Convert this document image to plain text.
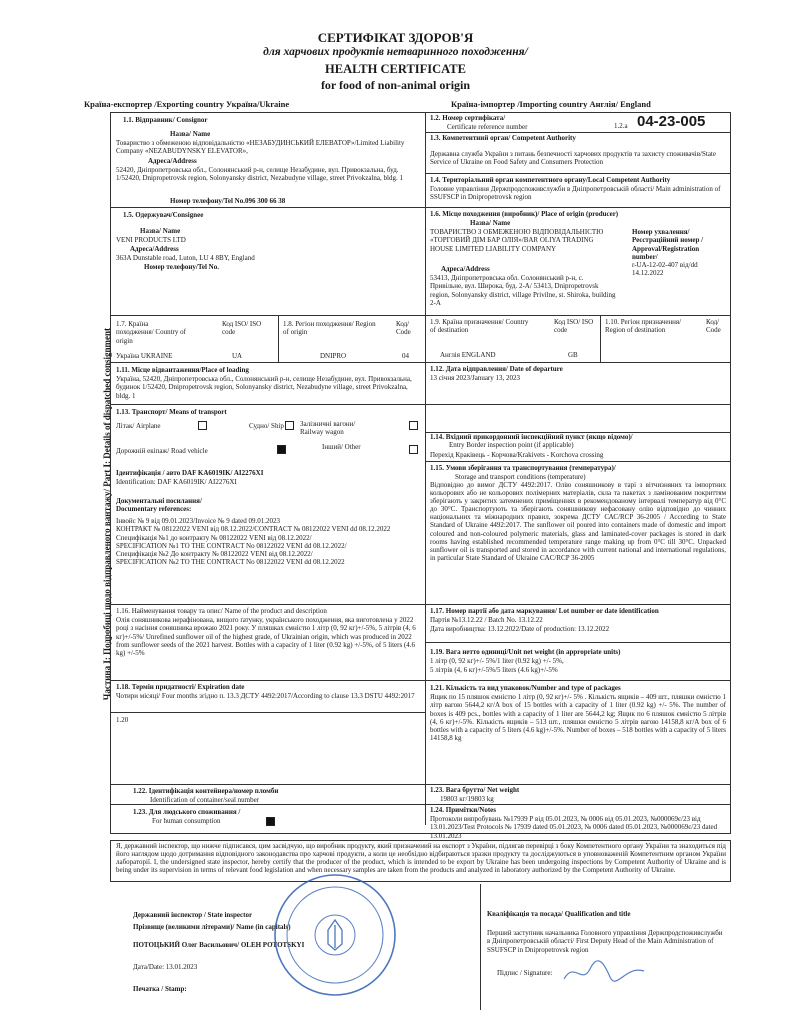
СЕРТИФІКАТ ЗДОРОВ'Я
для харчових продуктів нетваринного походження/
HEALTH CERTIFICATE
for food of non-animal origin
Країна-експортер /Exporting country Україна/Ukraine	Країна-імпортер /Importing country Англія/ England
Частина I: Подробиці щодо відправленого вантажу/ Part I: Details of dispatched consignment
1.1. Відправник/ Consignor
Назва/ Name
Товариство з обмеженою відповідальністю «НЕЗАБУДИНСЬКИЙ ЕЛЕВАТОР»/Limited Liability Company «NEZABUDYNSKY ELEVATOR»,
Адреса/Address
52420, Дніпропетровська обл., Солонянський р-н, селище Незабудине, вул. Привокзальна, буд. 1/52420, Dnipropetrovsk region, Solonyansky district, Nezabudyne village, street Privokzalna, bldg. 1
Номер телефону/Tel No.096 300 66 38
1.2. Номер сертифіката/
Certificate reference number	1.2.а 04-23-005
1.3. Компетентний орган/ Competent Authority
Державна служба України з питань безпечності харчових продуктів та захисту споживачів/State Service of Ukraine on Food Safety and Consumers Protection
1.4. Територіальний орган компетентного органу/Local Competent Authority
Головне управління Держпродспоживслужби в Дніпропетровській області/ Main administration of SSUFSCP in Dnipropetrovsk region
1.5. Одержувач/Consignee
Назва/ Name
VENI PRODUCTS LTD
Адреса/Address
363A Dunstable road, Luton, LU 4 8BY, England
Номер телефону/Tel No.
1.6. Місце походження (виробник)/ Place of origin (producer)
Назва/ Name
ТОВАРИСТВО З ОБМЕЖЕНОЮ ВІДПОВІДАЛЬНІСТЮ «ТОРГОВИЙ ДІМ БАР ОЛІЯ»/BAR OLIYA TRADING HOUSE LIMITED LIABILITY COMPANY
Адреса/Address
53413, Дніпропетровська обл. Солонянський р-н, с. Привільне, вул. Широка, буд. 2-А/ 53413, Dnipropetrovsk region, Solonyansky district, village Privilne, st. Shiroka, building 2-A
Номер ухвалення/ Реєстраційний номер / Approval/Registration number/
r-UA-12-02-407 від/dd 14.12.2022
1.7. Країна походження/ Country of origin
Код ISO/ ISO code
Україна UKRAINE	UA
1.8. Регіон походження/ Region of origin
Код/ Code
DNIPRO	04
1.9. Країна призначення/ Country of destination
Код ISO/ ISO code
Англія ENGLAND	GB
1.10. Регіон призначення/ Region of destination
Код/ Code
1.11. Місце відвантаження/Place of loading
Україна, 52420, Дніпропетровська обл., Солонянський р-н, селище Незабудине, вул. Привокзальна, будинок 1/52420, Dnipropetrovsk region, Solonyansky district, Nezabudyne village, street Privokzalna, bldg. 1
1.12. Дата відправлення/ Date of departure
13 січня 2023/January 13, 2023
1.13. Транспорт/ Means of transport
Літак/ Airplane	Судно/ Ship	Залізничні вагони/ Railway wagon
Дорожній екіпаж/ Road vehicle	Інший/ Other
Ідентифікація / авто DAF KA6019IK/ AI2276XI
Identification: DAF KA6019IK/ AI2276XI
Документальні посилання/ Documentary references:
Інвойс № 9 від 09.01.2023/Invoice № 9 dated 09.01.2023
КОНТРАКТ № 08122022 VENI від 08.12.2022/CONTRACT № 08122022 VENI dd 08.12.2022
Специфікація №1 до контракту № 08122022 VENI від 08.12.2022/
SPECIFICATION №1 TO THE CONTRACT No 08122022 VENI dd 08.12.2022/
Специфікація №2 До контракту № 08122022 VENI від 08.12.2022/
SPECIFICATION №2 TO THE CONTRACT No 08122022 VENI dd 08.12.2022
1.14. Вхідний прикордонний інспекційний пункт (якщо відомо)/
Entry Border inspection point (if applicable)
Перехід Краківець - Корчова/Krakivets - Korchova crossing
1.15. Умови зберігання та транспортування (температура)/
Storage and transport conditions (temperature)
Відповідно до вимог ДСТУ 4492:2017. Олію соняшникову в тарі з вітчизняних та імпортних кольорових або не кольорових полімерних матеріалів, скла та пакетах з ламінованим покриттям зберігають у закритих затемнених приміщеннях в рекомендованому інтервалі температур від 0°С до 30°С. Транспортують та зберігають соняшникову нефасовану олію відповідно до чинних національних та міжнародних правил, зокрема ДСТУ САС/RCP 36-2005 / According to State Standard of Ukraine 4492:2017. The sunflower oil poured into containers made of domestic and import coloured and non-coloured polymeric materials, glass and laminated-cover packages is stored in dark rooms having established recommended temperature range making up from 0°C till 30°C. Unpacked sunflower oil is transported and stored in accordance with current national and international regulations, in particular State Standard of Ukraine CAC/RCP 36-2005
1.16. Найменування товару та опис/ Name of the product and description
Олія соняшникова нерафінована, вищого ґатунку, українського походження, яка виготовлена у 2022 році з насіння соняшника врожаю 2021 року. У пляшках ємністю 1 літр (0, 92 кг)+/-5%, 5 літрів (4, 6 кг)+/-5%/ Unrefined sunflower oil of the highest grade, of Ukrainian origin, which was produced in 2022 from sunflower seeds of the 2021 harvest. Bottles with a capacity of 1 liter (0.92 kg) +/-5%, of 5 liters (4.6 kg) +/-5%
1.17. Номер партії або дата маркування/ Lot number or date identification
Партія №13.12.22 / Batch No. 13.12.22
Дата виробництва: 13.12.2022/Date of production: 13.12.2022
1.18. Термін придатності/ Expiration date
Чотири місяці/ Four months згідно п. 13.3 ДСТУ 4492:2017/According to clause 13.3 DSTU 4492:2017
1.19. Вага нетто одиниці/Unit net weight (in appropriate units)
1 літр (0, 92 кг)+/- 5%/1 liter (0.92 kg) +/- 5%,
5 літрів (4, 6 кг)+/-5%/5 liters (4.6 kg)+/-5%
1.20
1.21. Кількість та вид упаковок/Number and type of packages
Ящик по 15 пляшок ємністю 1 літр (0, 92 кг)+/- 5% . Кількість ящиків – 409 шт., пляшки ємністю 1 літр вагою 5644,2 кг/A box of 15 bottles with a capacity of 1 liter (0.92 kg) +/- 5%. The number of boxes is 409 pcs., bottles with a capacity of 1 liter are 5644,2 kg; Ящик по 6 пляшок ємністю 5 літрів (4, 6 кг)+/-5%. Кількість ящиків – 513 шт., пляшки ємністю 5 літрів вагою 14158,8 кг/A box of 6 bottles with a capacity of 5 liters (4.6 kg)+/-5%. Number of boxes – 518 bottles with a capacity of 5 liters 14158,8 kg
1.22. Ідентифікація контейнера/номер пломби
Identification of container/seal number
1.23. Для людського споживання /
For human consumption
1.23. Вага брутто/ Net weight
19803 кг/19803 kg
1.24. Примітки/Notes
Протоколи випробувань №17939 Р від 05.01.2023, № 0006 від 05.01.2023, №000069є/23 від 13.01.2023/Test Protocols № 17939 dated 05.01.2023, № 0006 dated 05.01.2023, №000069є/23 dated 13.01.2023
Я, державний інспектор, що нижче підписався, цим засвідчую, що виробник продукту, який призначений на експорт з України, підлягав перевірці з боку Компетентного органу України та знаходиться під його наглядом щодо дотримання відповідного законодавства про харчові продукти, а коли це необхідно відбираються зразки продукту та досліджуються в уповноваженій Компетентним органом України лабораторії. I, the undersigned state inspector, hereby certify that the producer of the product, which is intended to be export by Ukraine has been undergoing inspections by Competent Authority of Ukraine and is being under its supervision in terms of relevant food legislation and when necessary samples are taken from the products and analyzed in laboratory authorized by the Competent Authority of Ukraine.
Державний інспектор / State inspector
Прізвище (великими літерами)/ Name (in capitals)
ПОТОЦЬКИЙ Олег Васильович/ OLEH POTOTSKYI
Дата/Date: 13.01.2023
Печатка / Stamp:
Кваліфікація та посада/ Qualification and title
Перший заступник начальника Головного управління Держпродспоживслужби в Дніпропетровській області/ First Deputy Head of the Main Administration of SSUFSCP in Dnipropetrovsk region
Підпис / Signature:
